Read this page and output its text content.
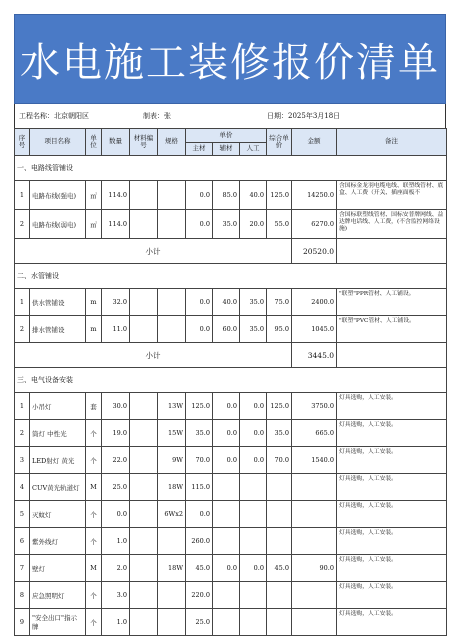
水电施工装修报价清单
工程名称：北京朝阳区	制表：张	日期：2025年3月18日
序号	项目名称	单位	数量	材料编号	规格	单价			综合单价	金额	备注
						主材	辅材	人工			
一、电路线管铺设											
1	电路布线(强电)	㎡	114.0			0.0	85.0	40.0	125.0	14250.0	含国标金龙羽电缆电线、联塑线管材、底盒、人工费（开关、插座面板不
2	电路布线(弱电)	㎡	114.0			0.0	35.0	20.0	55.0	6270.0	含国标联塑线管材、国标安普牌网线、益达牌电话线、人工费，(不含监控网络设施)
小计										20520.0	
二、水管铺设											
1	供水管铺设	m	32.0			0.0	40.0	35.0	75.0	2400.0	"联塑"PPR管材、人工铺设。
2	排水管铺设	m	11.0			0.0	60.0	35.0	95.0	1045.0	"联塑"PVC管材、人工铺设。
小计										3445.0	
三、电气设备安装											
1	小吊灯	套	30.0		13W	125.0	0.0	0.0	125.0	3750.0	灯具选购，人工安装。
2	筒灯 中性光	个	19.0		15W	35.0	0.0	0.0	35.0	665.0	灯具选购，人工安装。
3	LED射灯 黄光	个	22.0		9W	70.0	0.0	0.0	70.0	1540.0	灯具选购，人工安装。
4	CUV黄光轨道灯	M	25.0		18W	115.0					灯具选购，人工安装。
5	灭蚊灯	个	0.0		6Wx2	0.0					灯具选购，人工安装。
6	紫外线灯	个	1.0			260.0					灯具选购，人工安装。
7	壁灯	M	2.0		18W	45.0	0.0	0.0	45.0	90.0	灯具选购，人工安装。
8	应急照明灯	个	3.0			220.0					灯具选购，人工安装。
9	"安全出口"指示牌	个	1.0			25.0					灯具选购，人工安装。
